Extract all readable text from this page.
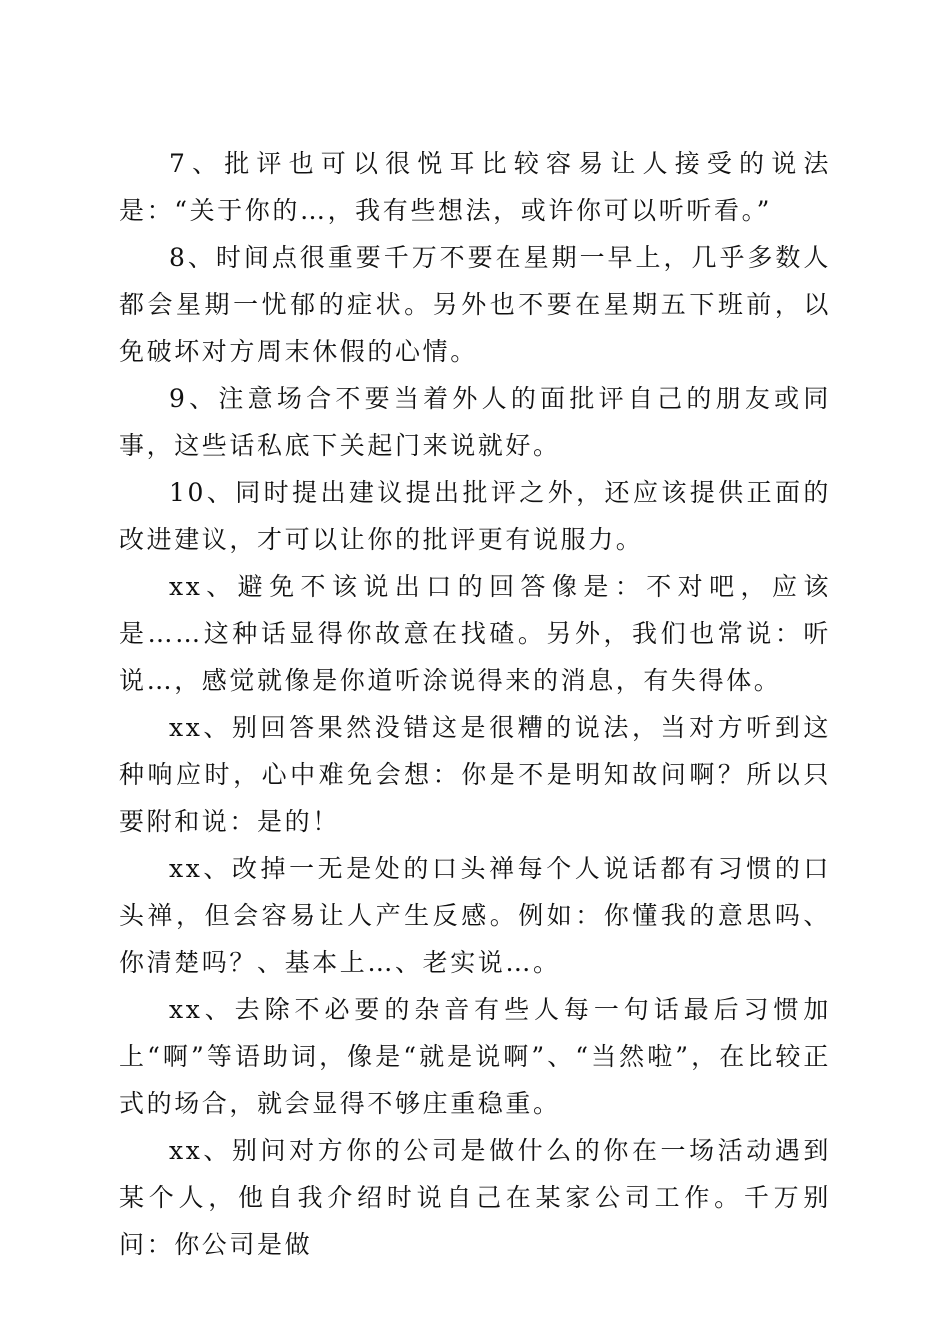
7、批评也可以很悦耳比较容易让人接受的说法是：“关于你的…，我有些想法，或许你可以听听看。”

8、时间点很重要千万不要在星期一早上，几乎多数人都会星期一忧郁的症状。另外也不要在星期五下班前，以免破坏对方周末休假的心情。

9、注意场合不要当着外人的面批评自己的朋友或同事，这些话私底下关起门来说就好。

10、同时提出建议提出批评之外，还应该提供正面的改进建议，才可以让你的批评更有说服力。

xx、避免不该说出口的回答像是：不对吧，应该是……这种话显得你故意在找碴。另外，我们也常说：听说…，感觉就像是你道听涂说得来的消息，有失得体。

xx、别回答果然没错这是很糟的说法，当对方听到这种响应时，心中难免会想：你是不是明知故问啊？所以只要附和说：是的！

xx、改掉一无是处的口头禅每个人说话都有习惯的口头禅，但会容易让人产生反感。例如：你懂我的意思吗、你清楚吗？、基本上…、老实说…。

xx、去除不必要的杂音有些人每一句话最后习惯加上“啊”等语助词，像是“就是说啊”、“当然啦”，在比较正式的场合，就会显得不够庄重稳重。

xx、别问对方你的公司是做什么的你在一场活动遇到某个人，他自我介绍时说自己在某家公司工作。千万别问：你公司是做
